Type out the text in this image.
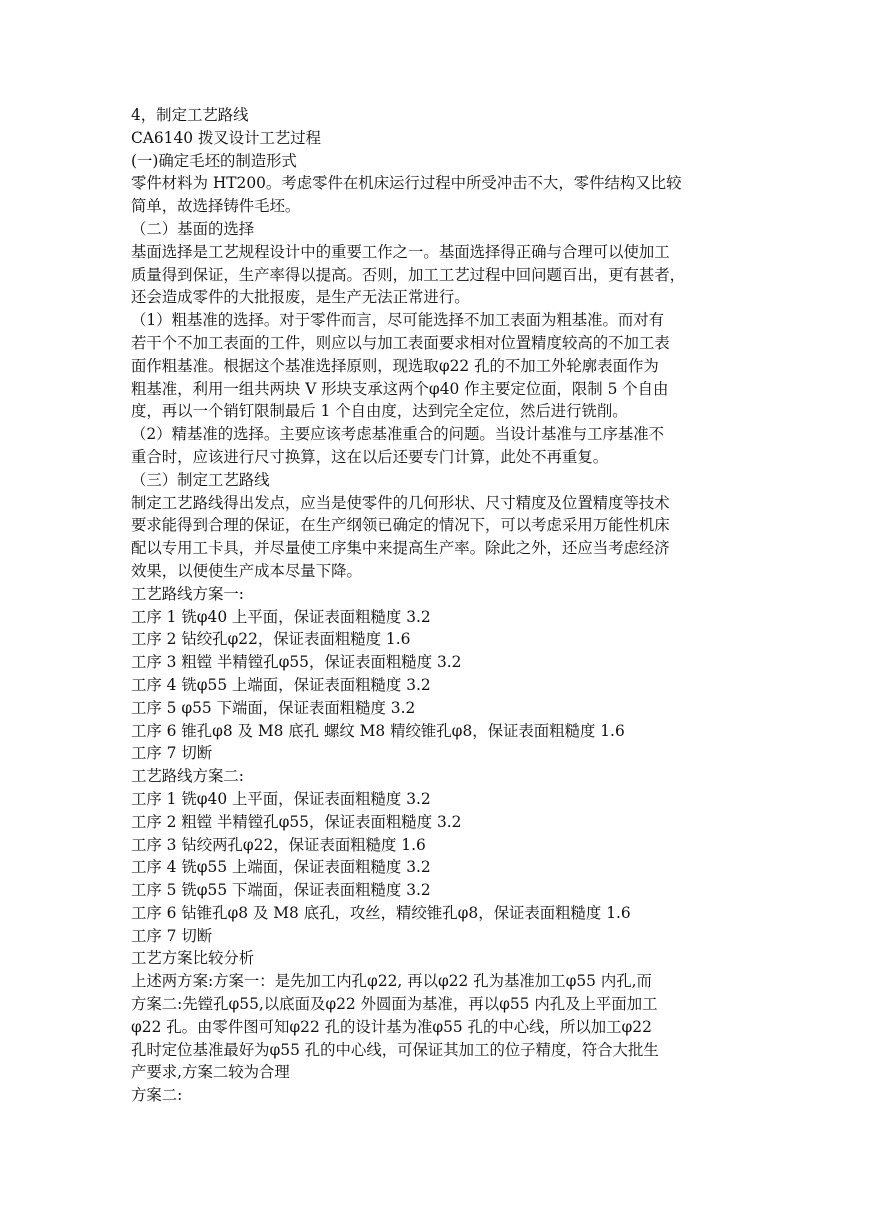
4，制定工艺路线
CA6140 拨叉设计工艺过程
(一)确定毛坯的制造形式
零件材料为 HT200。考虑零件在机床运行过程中所受冲击不大，零件结构又比较
简单，故选择铸件毛坯。
（二）基面的选择
基面选择是工艺规程设计中的重要工作之一。基面选择得正确与合理可以使加工
质量得到保证，生产率得以提高。否则，加工工艺过程中回问题百出，更有甚者，
还会造成零件的大批报废，是生产无法正常进行。
（1）粗基准的选择。对于零件而言，尽可能选择不加工表面为粗基准。而对有
若干个不加工表面的工件，则应以与加工表面要求相对位置精度较高的不加工表
面作粗基准。根据这个基准选择原则，现选取φ22 孔的不加工外轮廓表面作为
粗基准，利用一组共两块 V 形块支承这两个φ40 作主要定位面，限制 5 个自由
度，再以一个销钉限制最后 1 个自由度，达到完全定位，然后进行铣削。
（2）精基准的选择。主要应该考虑基准重合的问题。当设计基准与工序基准不
重合时，应该进行尺寸换算，这在以后还要专门计算，此处不再重复。
（三）制定工艺路线
制定工艺路线得出发点，应当是使零件的几何形状、尺寸精度及位置精度等技术
要求能得到合理的保证，在生产纲领已确定的情况下，可以考虑采用万能性机床
配以专用工卡具，并尽量使工序集中来提高生产率。除此之外，还应当考虑经济
效果，以便使生产成本尽量下降。
工艺路线方案一:
工序 1 铣φ40 上平面，保证表面粗糙度 3.2
工序 2 钻绞孔φ22，保证表面粗糙度 1.6
工序 3 粗镗 半精镗孔φ55，保证表面粗糙度 3.2
工序 4 铣φ55 上端面，保证表面粗糙度 3.2
工序 5 φ55 下端面，保证表面粗糙度 3.2
工序 6 锥孔φ8 及 M8 底孔 螺纹 M8 精绞锥孔φ8，保证表面粗糙度 1.6
工序 7 切断
工艺路线方案二:
工序 1 铣φ40 上平面，保证表面粗糙度 3.2
工序 2 粗镗 半精镗孔φ55，保证表面粗糙度 3.2
工序 3 钻绞两孔φ22，保证表面粗糙度 1.6
工序 4 铣φ55 上端面，保证表面粗糙度 3.2
工序 5 铣φ55 下端面，保证表面粗糙度 3.2
工序 6 钻锥孔φ8 及 M8 底孔，攻丝，精绞锥孔φ8，保证表面粗糙度 1.6
工序 7 切断
工艺方案比较分析
上述两方案:方案一：是先加工内孔φ22, 再以φ22 孔为基准加工φ55 内孔,而
方案二:先镗孔φ55,以底面及φ22 外圆面为基准，再以φ55 内孔及上平面加工
φ22 孔。由零件图可知φ22 孔的设计基为准φ55 孔的中心线，所以加工φ22
孔时定位基准最好为φ55 孔的中心线，可保证其加工的位子精度，符合大批生
产要求,方案二较为合理
方案二:
